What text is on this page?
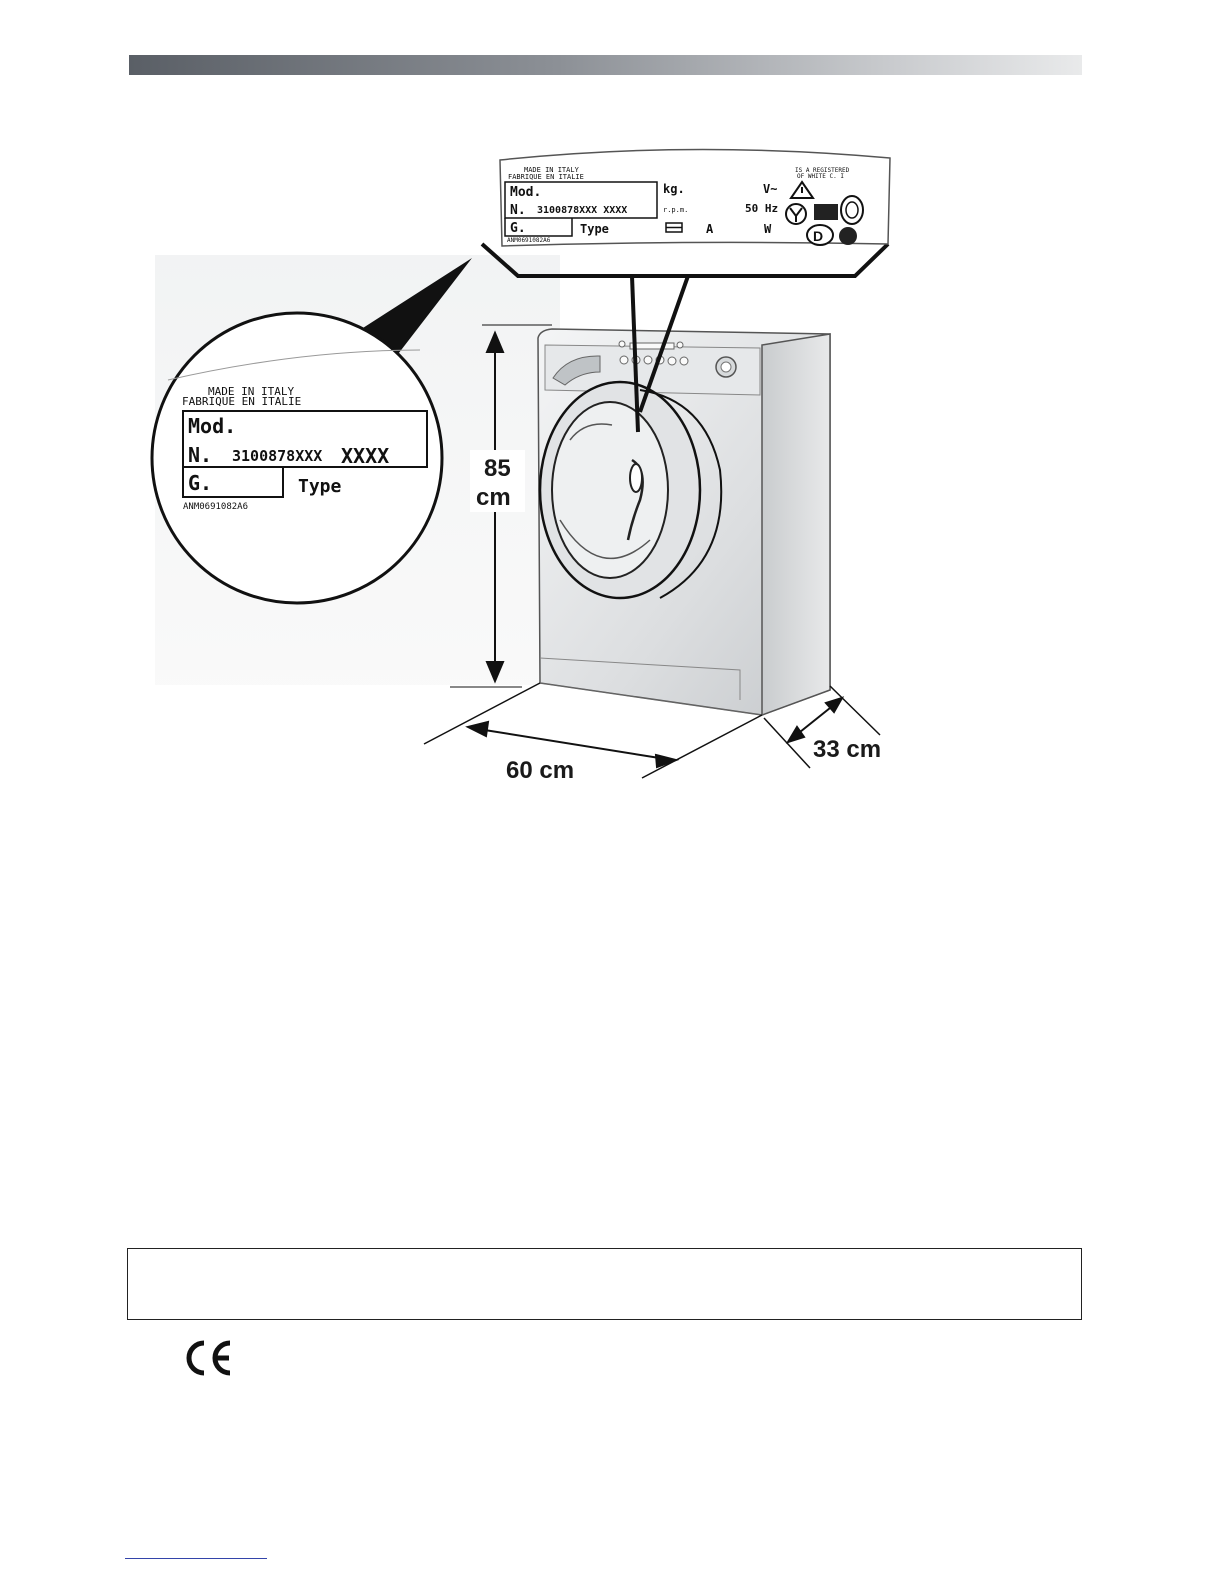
MADE IN ITALY
FABRIQUE EN ITALIE
Mod.
N. 3100878XXX XXXX
G.	Type
kg.
r.p.m.	50 Hz
V~
A	W
IS A REGISTERED
OF WHITE C. I
D
ANM0691082A6
MADE IN ITALY
FABRIQUE EN ITALIE
Mod.
N. 3100878XXX XXXX
G.	Type
ANM0691082A6
85
cm
60 cm
33 cm
